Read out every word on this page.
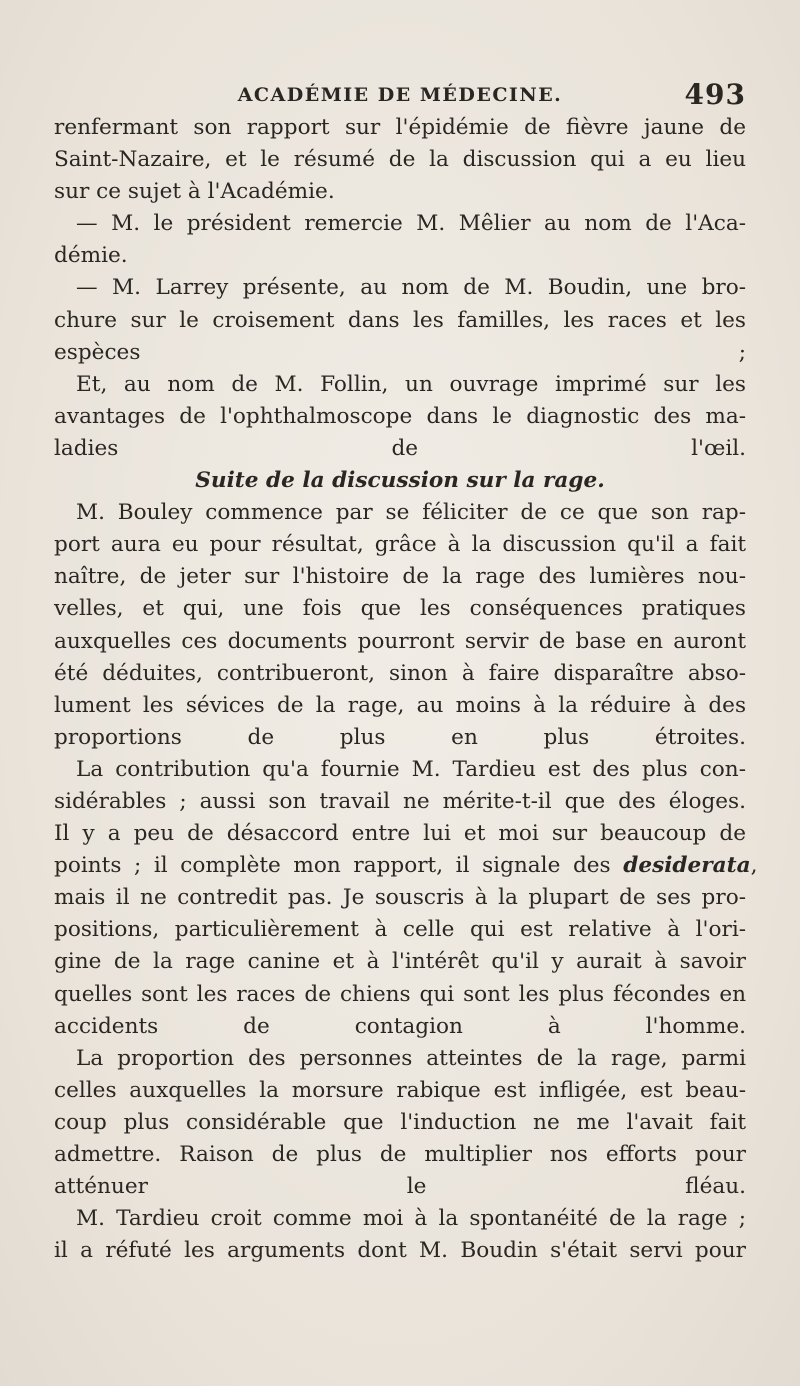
ACADÉMIE DE MÉDECINE.	493

renfermant son rapport sur l'épidémie de fièvre jaune de
Saint-Nazaire, et le résumé de la discussion qui a eu lieu
sur ce sujet à l'Académie.

— M. le président remercie M. Mêlier au nom de l'Aca-
démie.

— M. Larrey présente, au nom de M. Boudin, une bro-
chure sur le croisement dans les familles, les races et les
espèces ;

Et, au nom de M. Follin, un ouvrage imprimé sur les
avantages de l'ophthalmoscope dans le diagnostic des ma-
ladies de l'œil.

Suite de la discussion sur la rage.

M. Bouley commence par se féliciter de ce que son rap-
port aura eu pour résultat, grâce à la discussion qu'il a fait
naître, de jeter sur l'histoire de la rage des lumières nou-
velles, et qui, une fois que les conséquences pratiques
auxquelles ces documents pourront servir de base en auront
été déduites, contribueront, sinon à faire disparaître abso-
lument les sévices de la rage, au moins à la réduire à des
proportions de plus en plus étroites.

La contribution qu'a fournie M. Tardieu est des plus con-
sidérables ; aussi son travail ne mérite-t-il que des éloges.
Il y a peu de désaccord entre lui et moi sur beaucoup de
points ; il complète mon rapport, il signale des desiderata,
mais il ne contredit pas. Je souscris à la plupart de ses pro-
positions, particulièrement à celle qui est relative à l'ori-
gine de la rage canine et à l'intérêt qu'il y aurait à savoir
quelles sont les races de chiens qui sont les plus fécondes en
accidents de contagion à l'homme.

La proportion des personnes atteintes de la rage, parmi
celles auxquelles la morsure rabique est infligée, est beau-
coup plus considérable que l'induction ne me l'avait fait
admettre. Raison de plus de multiplier nos efforts pour
atténuer le fléau.

M. Tardieu croit comme moi à la spontanéité de la rage ;
il a réfuté les arguments dont M. Boudin s'était servi pour
